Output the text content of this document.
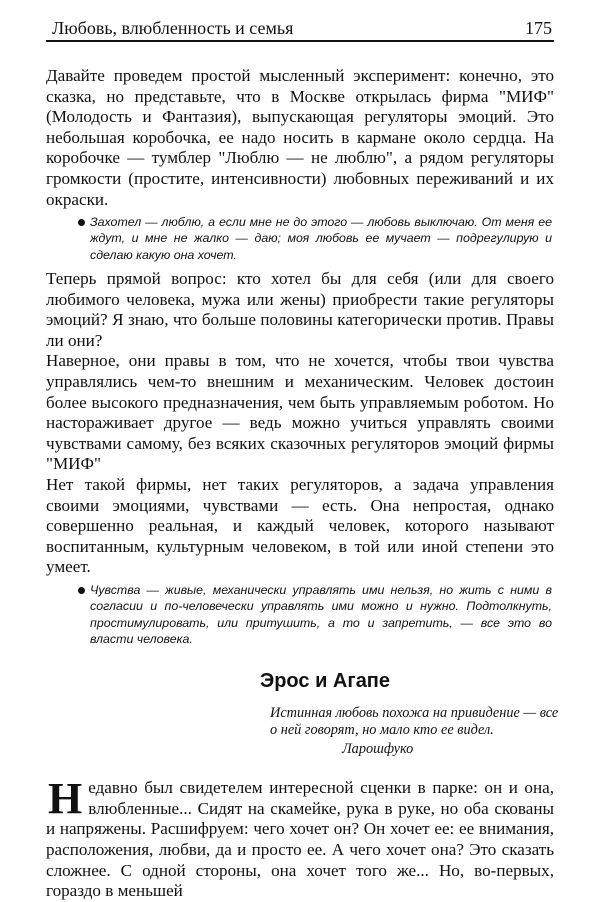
Любовь, влюбленность и семья	175

Давайте проведем простой мысленный эксперимент: конечно, это сказка, но представьте, что в Москве открылась фирма "МИФ" (Молодость и Фантазия), выпускающая регуляторы эмоций. Это небольшая коробочка, ее надо носить в кармане около сердца. На коробочке — тумблер "Люблю — не люблю", а рядом регуляторы громкости (простите, интенсивности) любовных переживаний и их окраски.

Захотел — люблю, а если мне не до этого — любовь выключаю. От меня ее ждут, и мне не жалко — даю; моя любовь ее мучает — подрегулирую и сделаю какую она хочет.

Теперь прямой вопрос: кто хотел бы для себя (или для своего любимого человека, мужа или жены) приобрести такие регуляторы эмоций? Я знаю, что больше половины категорически против. Правы ли они?

Наверное, они правы в том, что не хочется, чтобы твои чувства управлялись чем-то внешним и механическим. Человек достоин более высокого предназначения, чем быть управляемым роботом. Но настораживает другое — ведь можно учиться управлять своими чувствами самому, без всяких сказочных регуляторов эмоций фирмы "МИФ"

Нет такой фирмы, нет таких регуляторов, а задача управления своими эмоциями, чувствами — есть. Она непростая, однако совершенно реальная, и каждый человек, которого называют воспитанным, культурным человеком, в той или иной степени это умеет.

Чувства — живые, механически управлять ими нельзя, но жить с ними в согласии и по-человечески управлять ими можно и нужно. Подтолкнуть, простимулировать, или притушить, а то и запретить, — все это во власти человека.
Эрос и Агапе
Истинная любовь похожа на привидение — все о ней говорят, но мало кто ее видел.
Ларошфуко
Н едавно был свидетелем интересной сценки в парке: он и она, влюбленные... Сидят на скамейке, рука в руке, но оба скованы и напряжены. Расшифруем: чего хочет он? Он хочет ее: ее внимания, расположения, любви, да и просто ее. А чего хочет она? Это сказать сложнее. С одной стороны, она хочет того же... Но, во-первых, гораздо в меньшей
